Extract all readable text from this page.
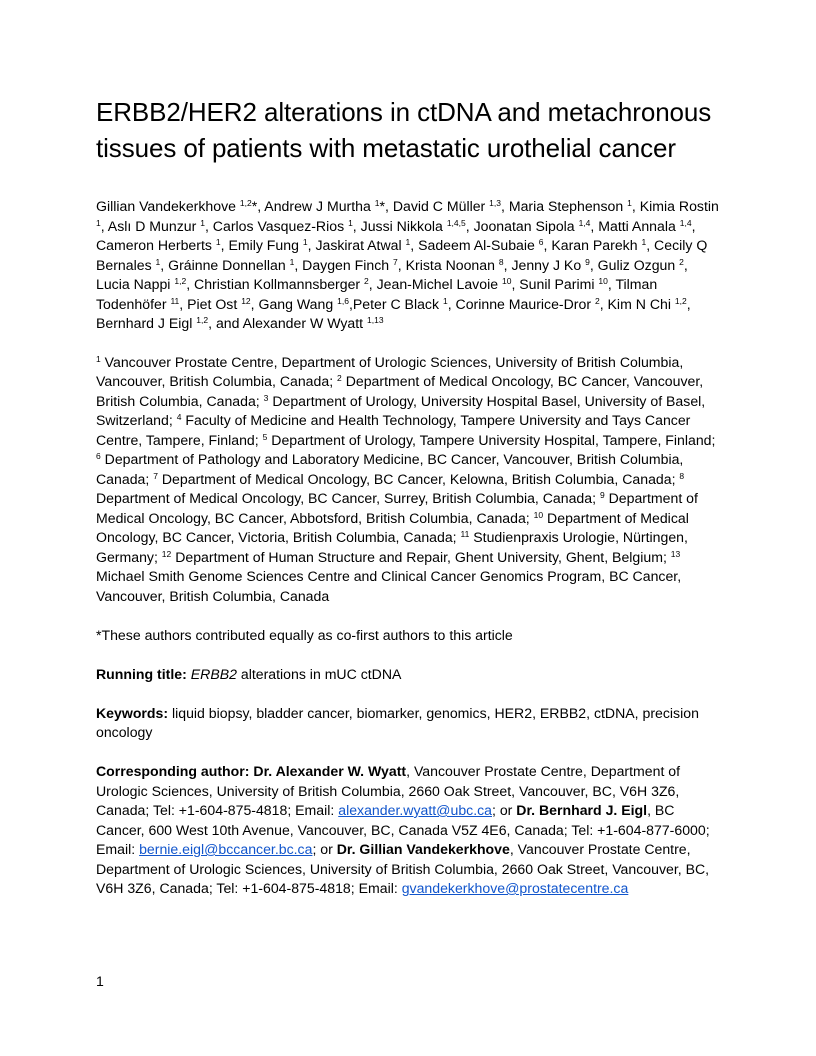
ERBB2/HER2 alterations in ctDNA and metachronous tissues of patients with metastatic urothelial cancer
Gillian Vandekerkhove $^{1,2}$*, Andrew J Murtha $^1$*, David C Müller $^{1,3}$, Maria Stephenson $^1$, Kimia Rostin $^1$, Aslı D Munzur $^1$, Carlos Vasquez-Rios $^1$, Jussi Nikkola $^{1,4,5}$, Joonatan Sipola $^{1,4}$, Matti Annala $^{1,4}$, Cameron Herberts $^1$, Emily Fung $^1$, Jaskirat Atwal $^1$, Sadeem Al-Subaie $^6$, Karan Parekh $^1$, Cecily Q Bernales $^1$, Gráinne Donnellan $^1$, Daygen Finch $^7$, Krista Noonan $^8$, Jenny J Ko $^9$, Guliz Ozgun $^2$, Lucia Nappi $^{1,2}$, Christian Kollmannsberger $^2$, Jean-Michel Lavoie $^{10}$, Sunil Parimi $^{10}$, Tilman Todenhöfer $^{11}$, Piet Ost $^{12}$, Gang Wang $^{1,6}$,Peter C Black $^1$, Corinne Maurice-Dror $^2$, Kim N Chi $^{1,2}$, Bernhard J Eigl $^{1,2}$, and Alexander W Wyatt $^{1,13}$
$^1$ Vancouver Prostate Centre, Department of Urologic Sciences, University of British Columbia, Vancouver, British Columbia, Canada; $^2$ Department of Medical Oncology, BC Cancer, Vancouver, British Columbia, Canada; $^3$ Department of Urology, University Hospital Basel, University of Basel, Switzerland; $^4$ Faculty of Medicine and Health Technology, Tampere University and Tays Cancer Centre, Tampere, Finland; $^5$ Department of Urology, Tampere University Hospital, Tampere, Finland; $^6$ Department of Pathology and Laboratory Medicine, BC Cancer, Vancouver, British Columbia, Canada; $^7$ Department of Medical Oncology, BC Cancer, Kelowna, British Columbia, Canada; $^8$ Department of Medical Oncology, BC Cancer, Surrey, British Columbia, Canada; $^9$ Department of Medical Oncology, BC Cancer, Abbotsford, British Columbia, Canada; $^{10}$ Department of Medical Oncology, BC Cancer, Victoria, British Columbia, Canada; $^{11}$ Studienpraxis Urologie, Nürtingen, Germany; $^{12}$ Department of Human Structure and Repair, Ghent University, Ghent, Belgium; $^{13}$ Michael Smith Genome Sciences Centre and Clinical Cancer Genomics Program, BC Cancer, Vancouver, British Columbia, Canada
*These authors contributed equally as co-first authors to this article
Running title: ERBB2 alterations in mUC ctDNA
Keywords: liquid biopsy, bladder cancer, biomarker, genomics, HER2, ERBB2, ctDNA, precision oncology
Corresponding author: Dr. Alexander W. Wyatt, Vancouver Prostate Centre, Department of Urologic Sciences, University of British Columbia, 2660 Oak Street, Vancouver, BC, V6H 3Z6, Canada; Tel: +1-604-875-4818; Email: alexander.wyatt@ubc.ca; or Dr. Bernhard J. Eigl, BC Cancer, 600 West 10th Avenue, Vancouver, BC, Canada V5Z 4E6, Canada; Tel: +1-604-877-6000; Email: bernie.eigl@bccancer.bc.ca; or Dr. Gillian Vandekerkhove, Vancouver Prostate Centre, Department of Urologic Sciences, University of British Columbia, 2660 Oak Street, Vancouver, BC, V6H 3Z6, Canada; Tel: +1-604-875-4818; Email: gvandekerkhove@prostatecentre.ca
1
